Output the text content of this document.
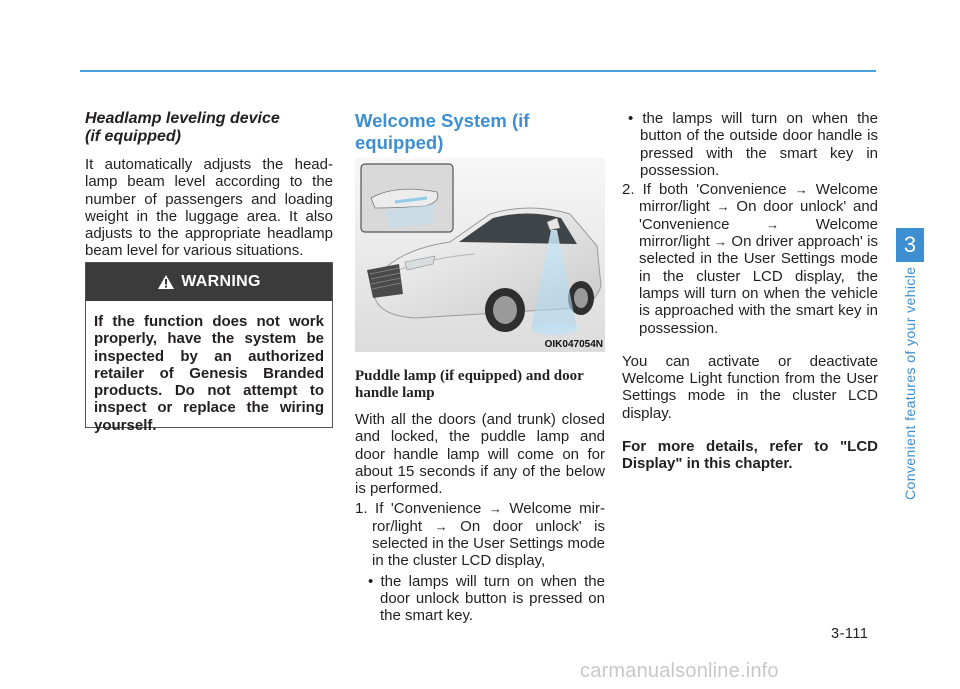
Headlamp leveling device
(if equipped)

It automatically adjusts the head-lamp beam level according to the number of passengers and loading weight in the luggage area. It also adjusts to the appropriate headlamp beam level for various situations.

WARNING
If the function does not work properly, have the system be inspected by an authorized retailer of Genesis Branded products. Do not attempt to inspect or replace the wiring yourself.
Welcome System (if equipped)
OIK047054N

Puddle lamp (if equipped) and door handle lamp

With all the doors (and trunk) closed and locked, the puddle lamp and door handle lamp will come on for about 15 seconds if any of the below is performed.

1. If 'Convenience → Welcome mir-ror/light → On door unlock' is selected in the User Settings mode in the cluster LCD display,

• the lamps will turn on when the door unlock button is pressed on the smart key.

• the lamps will turn on when the button of the outside door handle is pressed with the smart key in possession.

2. If both 'Convenience → Welcome mirror/light → On door unlock' and 'Convenience → Welcome mirror/light → On driver approach' is selected in the User Settings mode in the cluster LCD display, the lamps will turn on when the vehicle is approached with the smart key in possession.

You can activate or deactivate Welcome Light function from the User Settings mode in the cluster LCD display.

For more details, refer to "LCD Display" in this chapter.

3
Convenient features of your vehicle
3-111
carmanualsonline.info
